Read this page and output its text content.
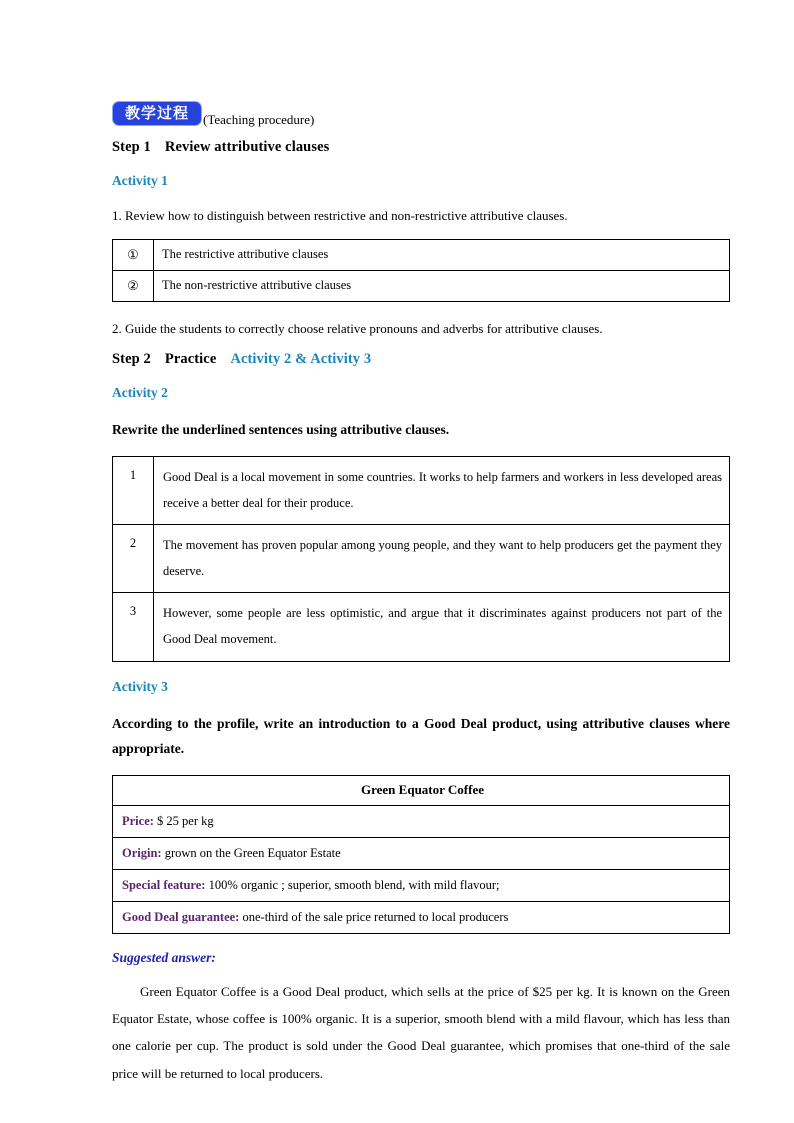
教学过程	(Teaching procedure)
Step 1 Review attributive clauses
Activity 1
1. Review how to distinguish between restrictive and non-restrictive attributive clauses.
①	The restrictive attributive clauses
②	The non-restrictive attributive clauses
2. Guide the students to correctly choose relative pronouns and adverbs for attributive clauses.
Step 2 Practice Activity 2 & Activity 3
Activity 2
Rewrite the underlined sentences using attributive clauses.
1	Good Deal is a local movement in some countries. It works to help farmers and workers in less developed areas receive a better deal for their produce.
2	The movement has proven popular among young people, and they want to help producers get the payment they deserve.
3	However, some people are less optimistic, and argue that it discriminates against producers not part of the Good Deal movement.
Activity 3
According to the profile, write an introduction to a Good Deal product, using attributive clauses where appropriate.
Green Equator Coffee
Price: $ 25 per kg
Origin: grown on the Green Equator Estate
Special feature: 100% organic ; superior, smooth blend, with mild flavour;
Good Deal guarantee: one-third of the sale price returned to local producers
Suggested answer:
Green Equator Coffee is a Good Deal product, which sells at the price of $25 per kg. It is known on the Green Equator Estate, whose coffee is 100% organic. It is a superior, smooth blend with a mild flavour, which has less than one calorie per cup. The product is sold under the Good Deal guarantee, which promises that one-third of the sale price will be returned to local producers.
